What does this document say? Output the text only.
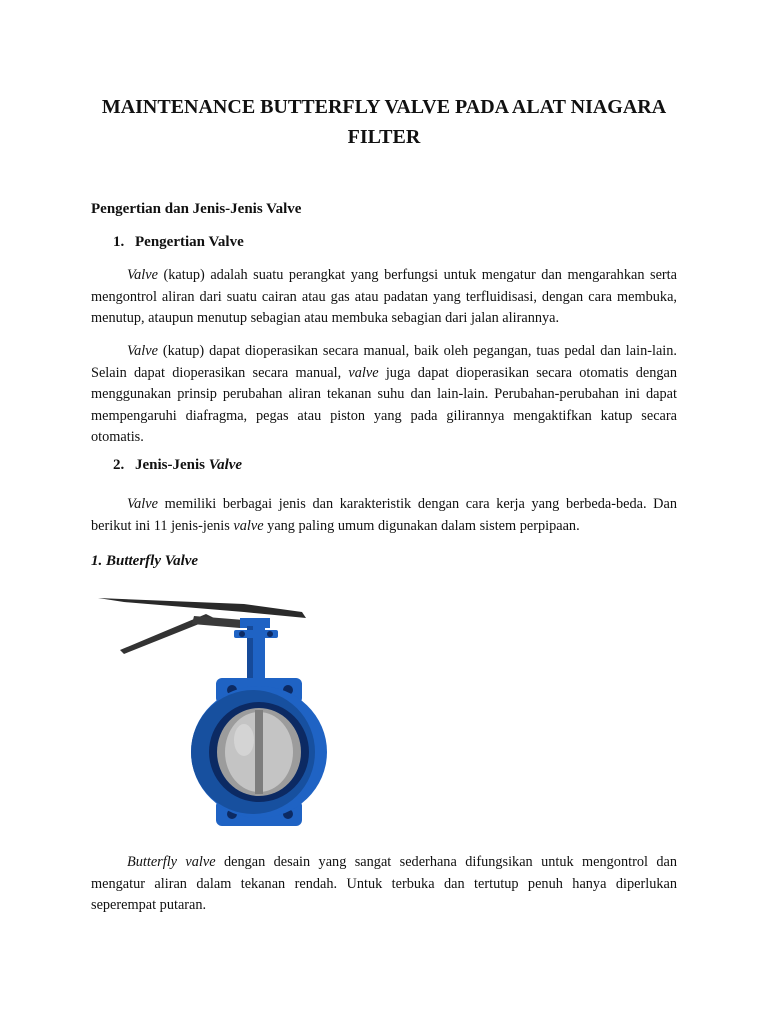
MAINTENANCE BUTTERFLY VALVE PADA ALAT NIAGARA
FILTER

Pengertian dan Jenis-Jenis Valve

1. Pengertian Valve

Valve (katup) adalah suatu perangkat yang berfungsi untuk mengatur dan mengarahkan serta mengontrol aliran dari suatu cairan atau gas atau padatan yang terfluidisasi, dengan cara membuka, menutup, ataupun menutup sebagian atau membuka sebagian dari jalan alirannya.

Valve (katup) dapat dioperasikan secara manual, baik oleh pegangan, tuas pedal dan lain-lain. Selain dapat dioperasikan secara manual, valve juga dapat dioperasikan secara otomatis dengan menggunakan prinsip perubahan aliran tekanan suhu dan lain-lain. Perubahan-perubahan ini dapat mempengaruhi diafragma, pegas atau piston yang pada gilirannya mengaktifkan katup secara otomatis.

2. Jenis-Jenis Valve

Valve memiliki berbagai jenis dan karakteristik dengan cara kerja yang berbeda-beda. Dan berikut ini 11 jenis-jenis valve yang paling umum digunakan dalam sistem perpipaan.

1. Butterfly Valve

Butterfly valve dengan desain yang sangat sederhana difungsikan untuk mengontrol dan mengatur aliran dalam tekanan rendah. Untuk terbuka dan tertutup penuh hanya diperlukan seperempat putaran.
